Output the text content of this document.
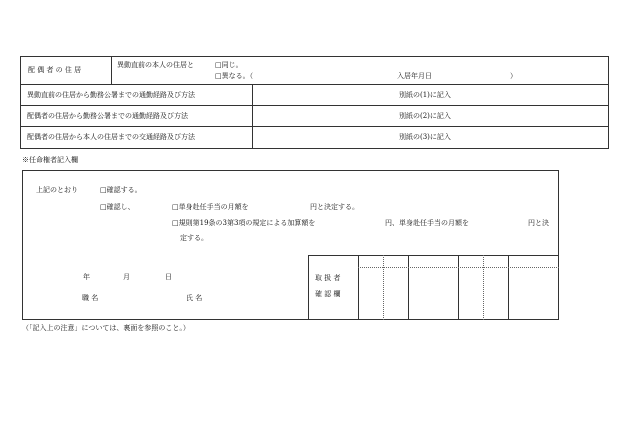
配 偶 者 の 住 居
異動直前の本人の住居と	□同じ。
□異なる。（	入居年月日	）
異動直前の住居から勤務公署までの通勤経路及び方法	別紙の(1)に記入
配偶者の住居から勤務公署までの通勤経路及び方法	別紙の(2)に記入
配偶者の住居から本人の住居までの交通経路及び方法	別紙の(3)に記入
※任命権者記入欄
上記のとおり	□確認する。
□確認し、	□単身赴任手当の月額を	円と決定する。
□規則第19条の3第3項の規定による加算額を	円、単身赴任手当の月額を	円と決
定する。
年	月	日
職 名	氏 名
取 扱 者
確 認 欄
（「記入上の注意」については、裏面を参照のこと。）
